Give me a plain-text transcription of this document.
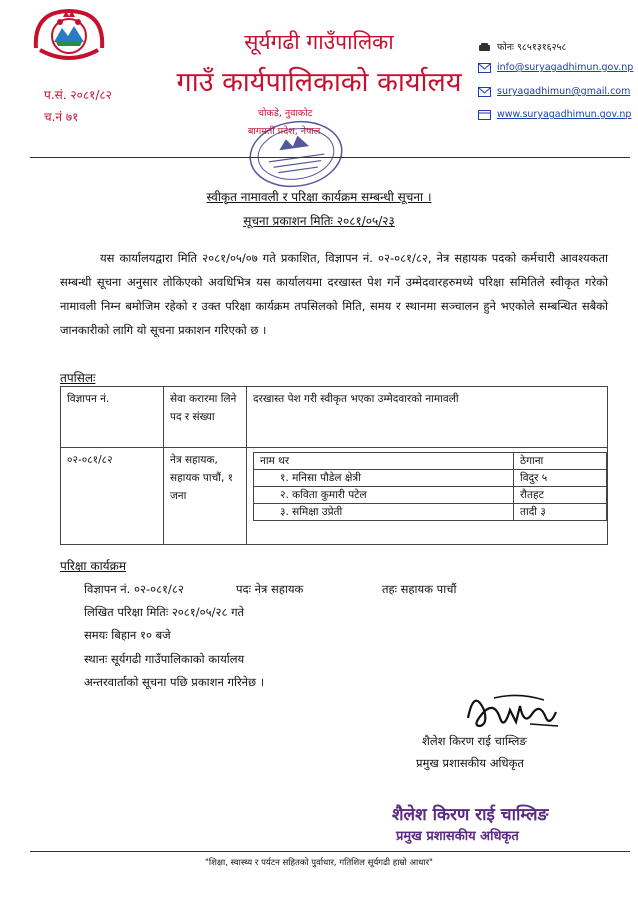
सूर्यगढी गाउँपालिका
गाउँ कार्यपालिकाको कार्यालय
प.सं. २०८१/८२
च.नं ७१
फोनः ९८५१३१६२५८
info@suryagadhimun.gov.np
suryagadhimun@gmail.com
www.suryagadhimun.gov.np
चोकडे, नुवाकोट
बागमती प्रदेश, नेपाल
स्वीकृत नामावली र परिक्षा कार्यक्रम सम्बन्धी सूचना ।
सूचना प्रकाशन मितिः २०८१/०५/२३
यस कार्यालयद्वारा मिति २०८१/०५/०७ गते प्रकाशित, विज्ञापन नं. ०२-०८१/८२, नेत्र सहायक पदको कर्मचारी आवश्यकता सम्बन्धी सूचना अनुसार तोकिएको अवधिभित्र यस कार्यालयमा दरखास्त पेश गर्ने उम्मेदवारहरुमध्ये परिक्षा समितिले स्वीकृत गरेको नामावली निम्न बमोजिम रहेको र उक्त परिक्षा कार्यक्रम तपसिलको मिति, समय र स्थानमा सञ्चालन हुने भएकोले सम्बन्धित सबैको जानकारीको लागि यो सूचना प्रकाशन गरिएको छ ।
तपसिलः
विज्ञापन नं.	सेवा करारमा लिने पद र संख्या	दरखास्त पेश गरी स्वीकृत भएका उम्मेदवारको नामावली
०२-०८१/८२	नेत्र सहायक, सहायक पाचौं, १ जना	
नाम थर	ठेगाना
१. मनिसा पौडेल क्षेत्री	विदुर ५
२. कविता कुमारी पटेल	रौतहट
३. समिक्षा उप्रेती	तादी ३
परिक्षा कार्यक्रम
विज्ञापन नं. ०२-०८१/८२	पदः नेत्र सहायक	तहः सहायक पाचौं
लिखित परिक्षा मितिः २०८१/०५/२८ गते
समयः बिहान १० बजे
स्थानः सूर्यगढी गाउँपालिकाको कार्यालय
अन्तरवार्ताको सूचना पछि प्रकाशन गरिनेछ ।
शैलेश किरण राई चाम्लिङ
प्रमुख प्रशासकीय अधिकृत
शैलेश किरण राई चाम्लिङ
प्रमुख प्रशासकीय अधिकृत
"शिक्षा, स्वास्थ्य र पर्यटन सहितको पुर्वाधार, गतिशिल सूर्यगढी हाम्रो आधार"
